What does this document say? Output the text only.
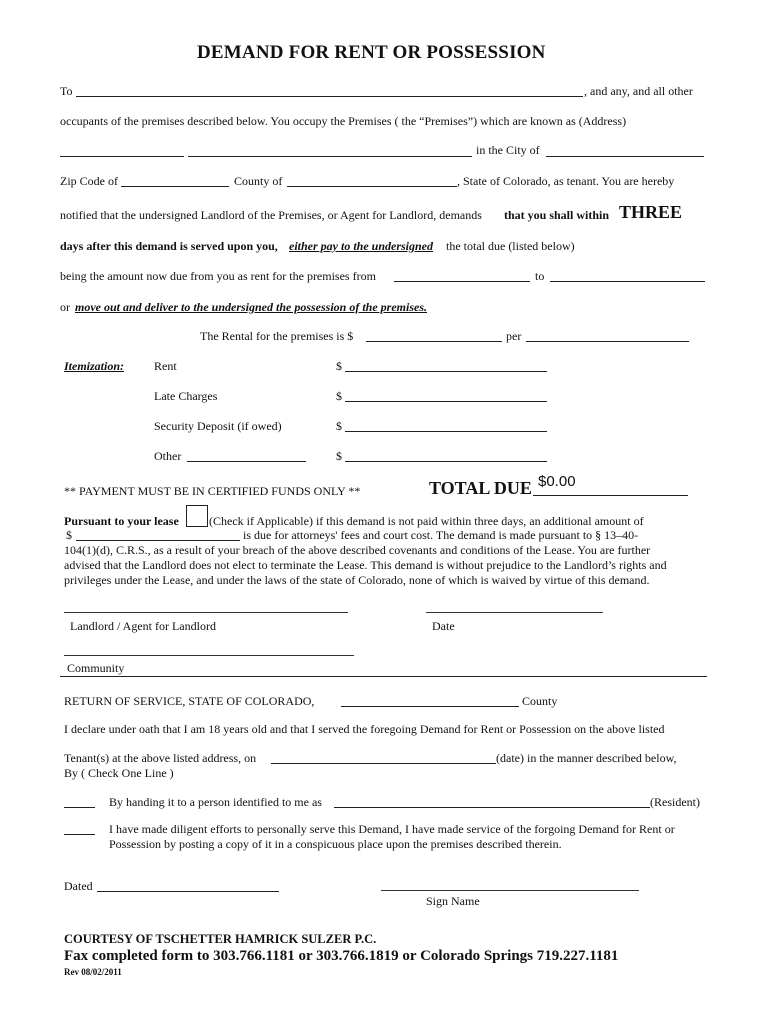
DEMAND FOR RENT OR POSSESSION
To	, and any, and all other
occupants of the premises described below. You occupy the Premises ( the “Premises”) which are known as (Address)
in the City of
Zip Code of	County of	, State of Colorado, as tenant. You are hereby
notified that the undersigned Landlord of the Premises, or Agent for Landlord, demands that you shall within THREE
days after this demand is served upon you, either pay to the undersigned the total due (listed below)
being the amount now due from you as rent for the premises from	to
or move out and deliver to the undersigned the possession of the premises.
The Rental for the premises is $	per
Itemization: Rent	$
Late Charges	$
Security Deposit (if owed)	$
Other	$
** PAYMENT MUST BE IN CERTIFIED FUNDS ONLY **	TOTAL DUE $0.00
Pursuant to your lease	(Check if Applicable) if this demand is not paid within three days, an additional amount of
$	is due for attorneys' fees and court cost. The demand is made pursuant to § 13–40-
104(1)(d), C.R.S., as a result of your breach of the above described covenants and conditions of the Lease. You are further
advised that the Landlord does not elect to terminate the Lease. This demand is without prejudice to the Landlord’s rights and
privileges under the Lease, and under the laws of the state of Colorado, none of which is waived by virtue of this demand.
Landlord / Agent for Landlord	Date
Community
RETURN OF SERVICE, STATE OF COLORADO,	County
I declare under oath that I am 18 years old and that I served the foregoing Demand for Rent or Possession on the above listed
Tenant(s) at the above listed address, on	(date) in the manner described below,
By ( Check One Line )
By handing it to a person identified to me as	(Resident)
I have made diligent efforts to personally serve this Demand, I have made service of the forgoing Demand for Rent or
Possession by posting a copy of it in a conspicuous place upon the premises described therein.
Dated
Sign Name
COURTESY OF TSCHETTER HAMRICK SULZER P.C.
Fax completed form to 303.766.1181 or 303.766.1819 or Colorado Springs 719.227.1181
Rev 08/02/2011
